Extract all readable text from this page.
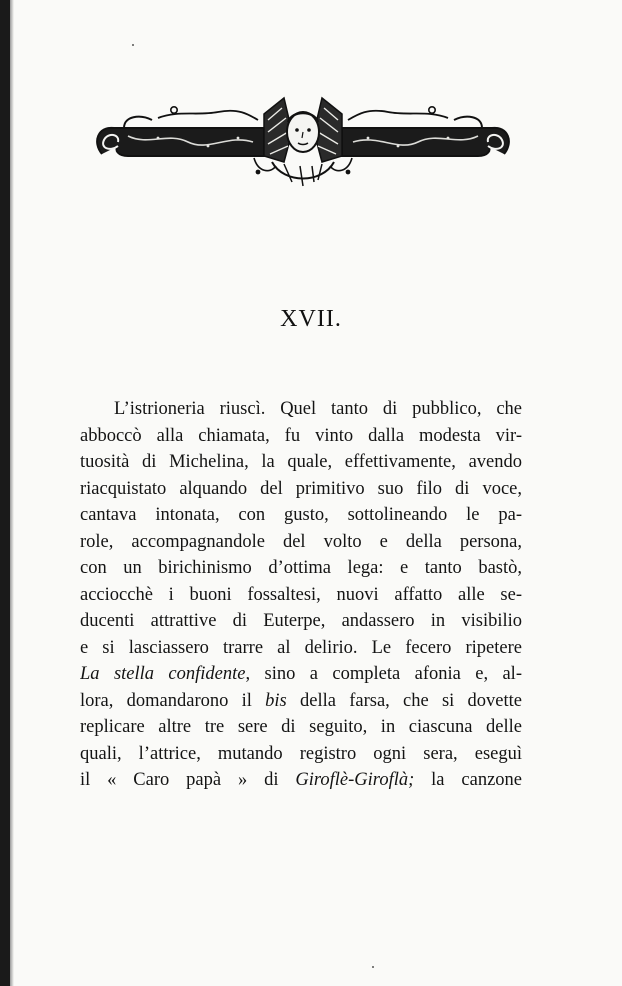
XVII.
L’istrioneria riuscì. Quel tanto di pubblico, che
abboccò alla chiamata, fu vinto dalla modesta vir-
tuosità di Michelina, la quale, effettivamente, avendo
riacquistato alquando del primitivo suo filo di voce,
cantava intonata, con gusto, sottolineando le pa-
role, accompagnandole del volto e della persona,
con un birichinismo d’ottima lega: e tanto bastò,
acciocchè i buoni fossaltesi, nuovi affatto alle se-
ducenti attrattive di Euterpe, andassero in visibilio
e si lasciassero trarre al delirio. Le fecero ripetere
La stella confidente, sino a completa afonia e, al-
lora, domandarono il bis della farsa, che si dovette
replicare altre tre sere di seguito, in ciascuna delle
quali, l’attrice, mutando registro ogni sera, eseguì
il « Caro papà » di Giroflè-Giroflà; la canzone
